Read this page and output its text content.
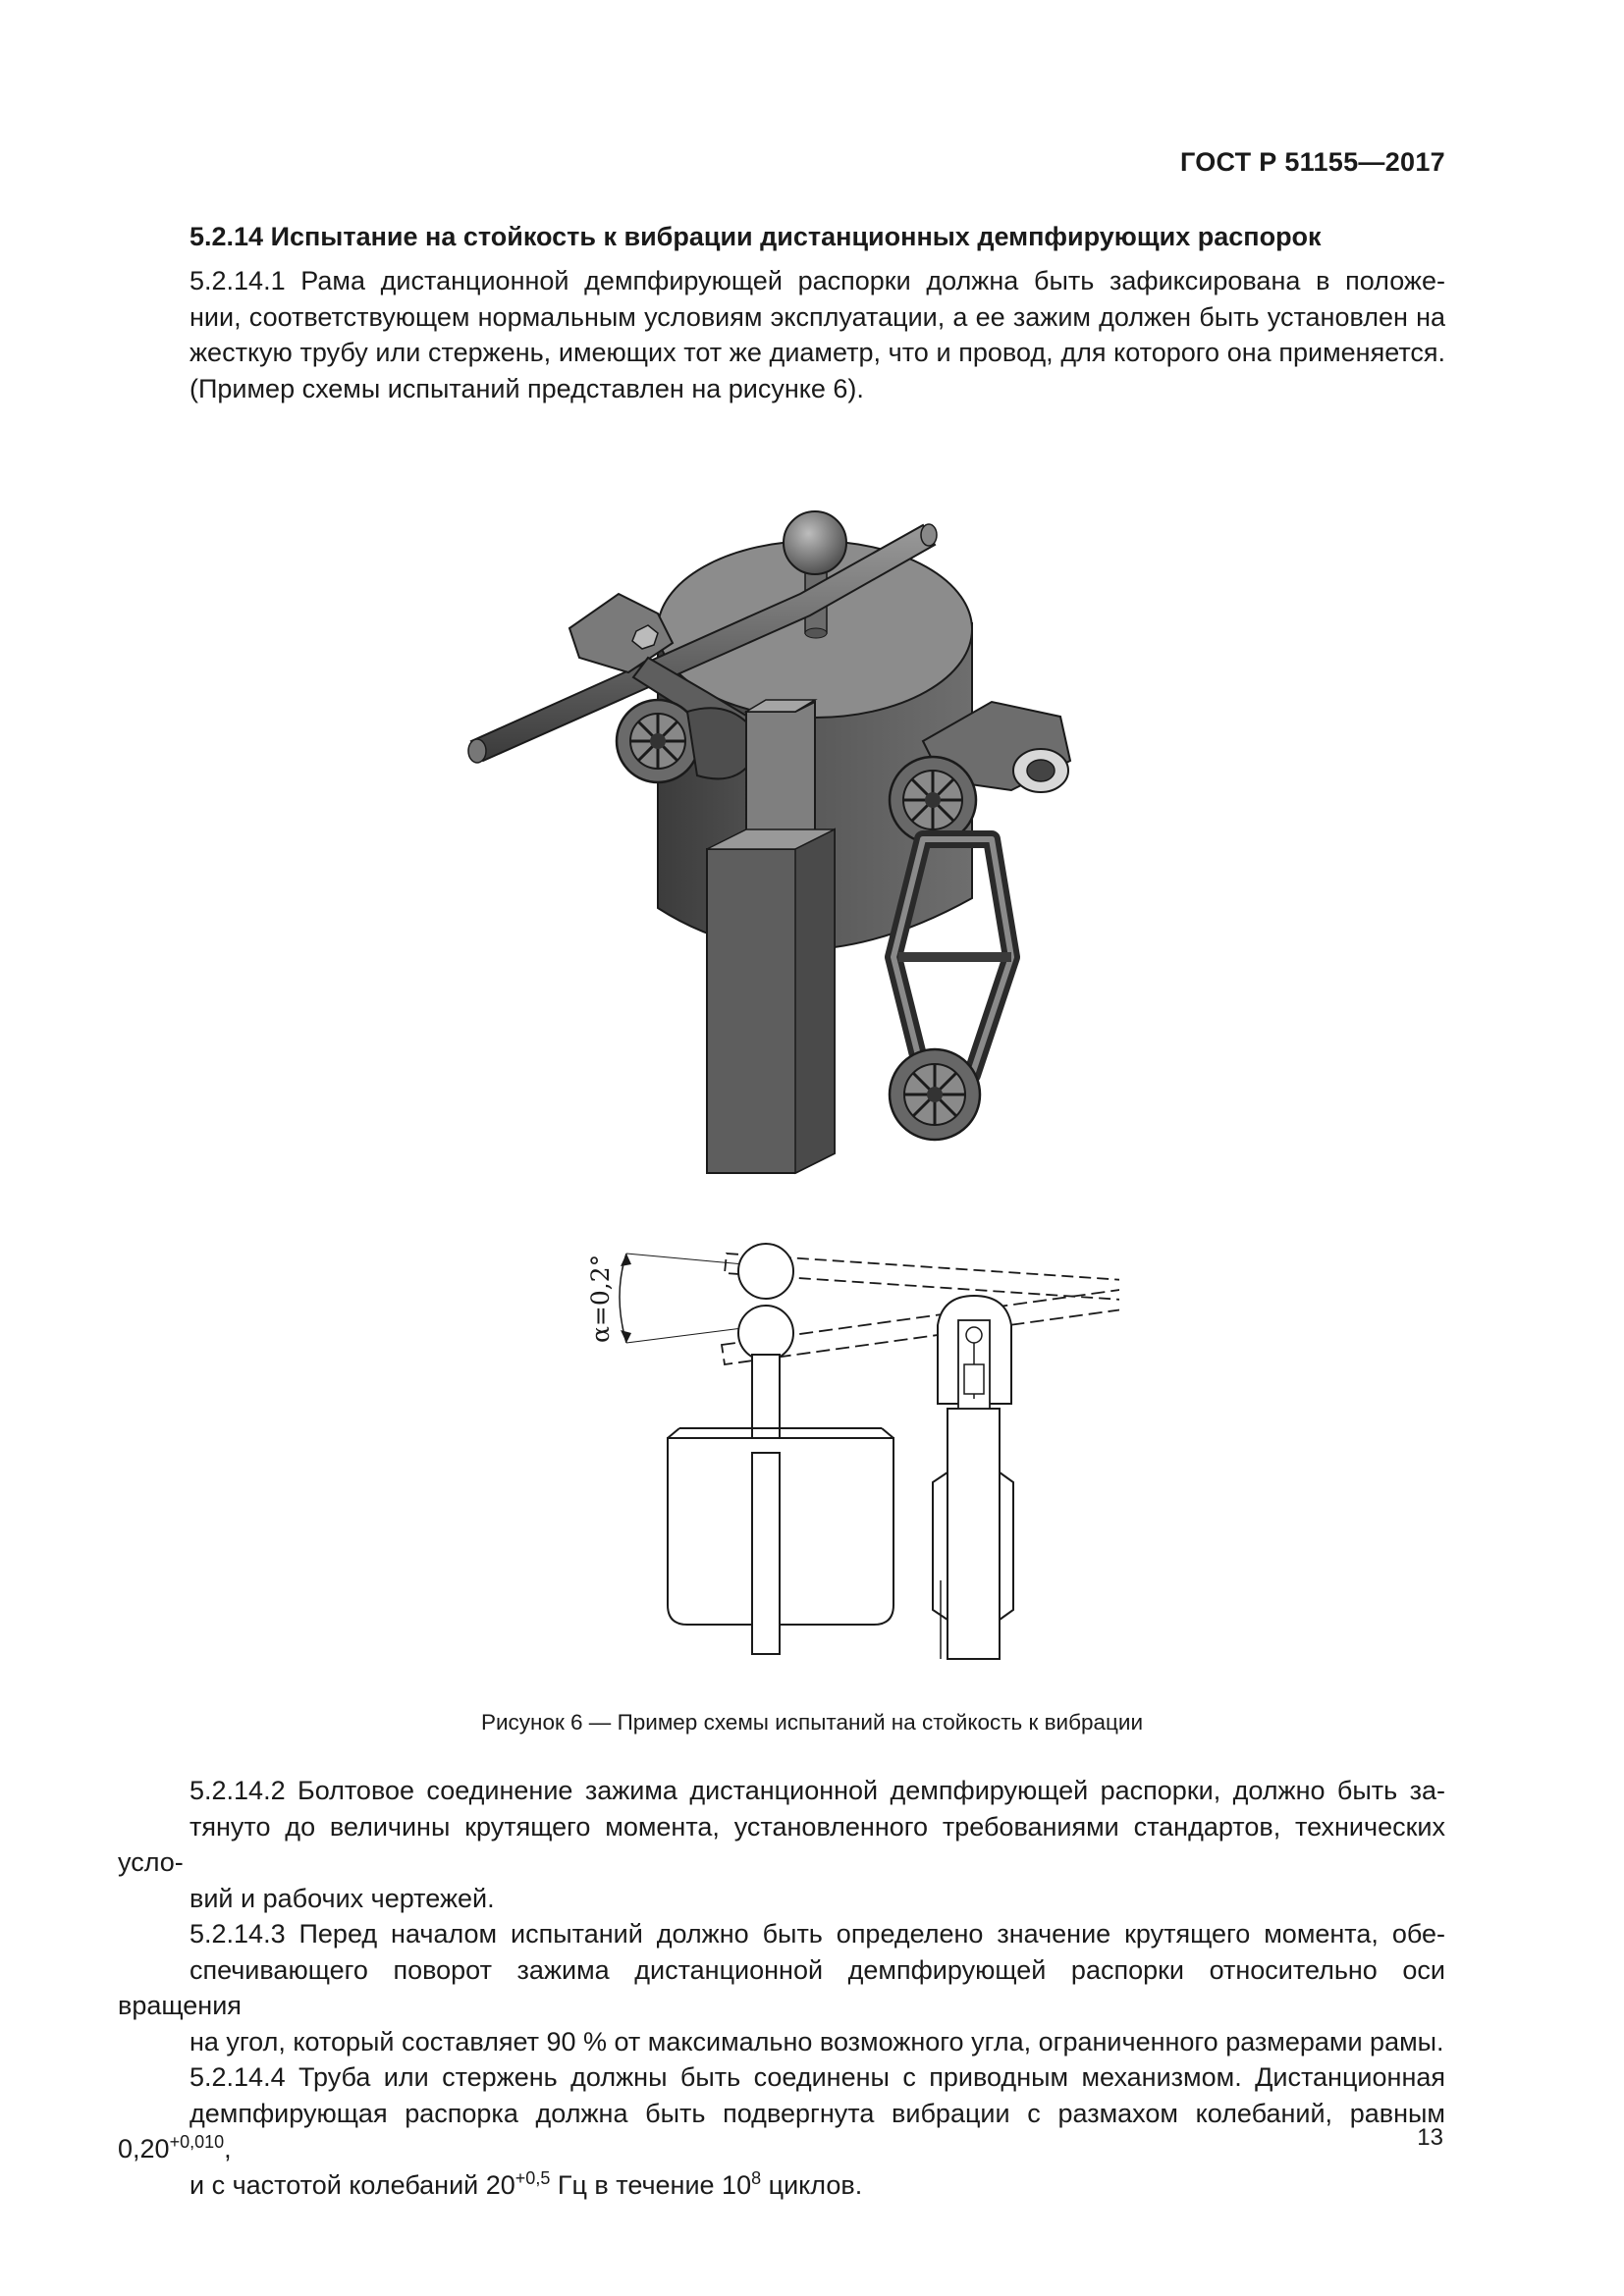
ГОСТ Р 51155—2017
5.2.14 Испытание на стойкость к вибрации дистанционных демпфирующих распорок

5.2.14.1 Рама дистанционной демпфирующей распорки должна быть зафиксирована в положе-
нии, соответствующем нормальным условиям эксплуатации, а ее зажим должен быть установлен на
жесткую трубу или стержень, имеющих тот же диаметр, что и провод, для которого она применяется.
(Пример схемы испытаний представлен на рисунке 6).

α=0,2°
Рисунок 6 — Пример схемы испытаний на стойкость к вибрации

5.2.14.2 Болтовое соединение зажима дистанционной демпфирующей распорки, должно быть за-
тянуто до величины крутящего момента, установленного требованиями стандартов, технических усло-
вий и рабочих чертежей.

5.2.14.3 Перед началом испытаний должно быть определено значение крутящего момента, обе-
спечивающего поворот зажима дистанционной демпфирующей распорки относительно оси вращения
на угол, который составляет 90 % от максимально возможного угла, ограниченного размерами рамы.

5.2.14.4 Труба или стержень должны быть соединены с приводным механизмом. Дистанционная
демпфирующая распорка должна быть подвергнута вибрации с размахом колебаний, равным $0,20^{+0,010}$,
и с частотой колебаний $20^{+0,5}$ Гц в течение $10^8$ циклов.

13
